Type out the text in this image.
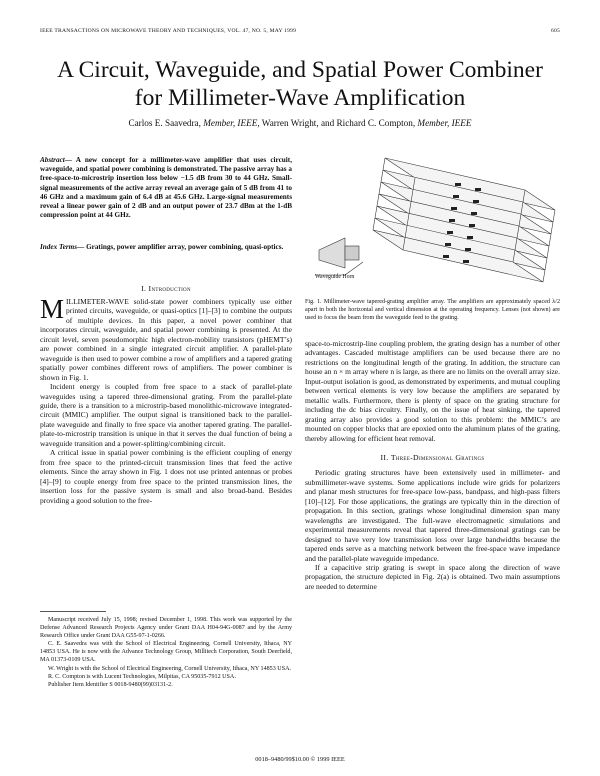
IEEE TRANSACTIONS ON MICROWAVE THEORY AND TECHNIQUES, VOL. 47, NO. 5, MAY 1999	605
A Circuit, Waveguide, and Spatial Power Combiner
for Millimeter-Wave Amplification
Carlos E. Saavedra, Member, IEEE, Warren Wright, and Richard C. Compton, Member, IEEE
Abstract— A new concept for a millimeter-wave amplifier that uses circuit, waveguide, and spatial power combining is demonstrated. The passive array has a free-space-to-microstrip insertion loss below −1.5 dB from 30 to 44 GHz. Small-signal measurements of the active array reveal an average gain of 5 dB from 41 to 46 GHz and a maximum gain of 6.4 dB at 45.6 GHz. Large-signal measurements reveal a linear power gain of 2 dB and an output power of 23.7 dBm at the 1-dB compression point at 44 GHz.
Index Terms— Gratings, power amplifier array, power combining, quasi-optics.
I. Introduction

MILLIMETER-WAVE solid-state power combiners typically use either printed circuits, waveguide, or quasi-optics [1]–[3] to combine the outputs of multiple devices. In this paper, a novel power combiner that incorporates circuit, waveguide, and spatial power combining is presented. At the circuit level, seven pseudomorphic high electron-mobility transistors (pHEMT’s) are power combined in a single integrated circuit amplifier. A parallel-plate waveguide is then used to power combine a row of amplifiers and a tapered grating spatially power combines different rows of amplifiers. The power combiner is shown in Fig. 1.

Incident energy is coupled from free space to a stack of parallel-plate waveguides using a tapered three-dimensional grating. From the parallel-plate guide, there is a transition to a microstrip-based monolithic-microwave integrated-circuit (MMIC) amplifier. The output signal is transitioned back to the parallel-plate waveguide and finally to free space via another tapered grating. The parallel-plate-to-microstrip transition is unique in that it serves the dual function of being a waveguide transition and a power-splitting/combining circuit.

A critical issue in spatial power combining is the efficient coupling of energy from free space to the printed-circuit transmission lines that feed the active elements. Since the array shown in Fig. 1 does not use printed antennas or probes [4]–[9] to couple energy from free space to the printed transmission lines, the insertion loss for the passive system is small and also broad-band. Besides providing a good solution to the free-

Manuscript received July 15, 1998; revised December 1, 1998. This work was supported by the Defense Advanced Research Projects Agency under Grant DAA H04-94G-0087 and by the Army Research Office under Grant DAA G55-97-1-0266.

C. E. Saavedra was with the School of Electrical Engineering, Cornell University, Ithaca, NY 14853 USA. He is now with the Advance Technology Group, Millitech Corporation, South Deerfield, MA 01373-0109 USA.

W. Wright is with the School of Electrical Engineering, Cornell University, Ithaca, NY 14853 USA.

R. C. Compton is with Lucent Technologies, Milpitas, CA 95035-7912 USA.

Publisher Item Identifier S 0018-9480(99)03131-2.

Waveguide Horn
Fig. 1. Millimeter-wave tapered-grating amplifier array. The amplifiers are approximately spaced λ/2 apart in both the horizontal and vertical dimension at the operating frequency. Lenses (not shown) are used to focus the beam from the waveguide feed to the grating.

space-to-microstrip-line coupling problem, the grating design has a number of other advantages. Cascaded multistage amplifiers can be used because there are no restrictions on the longitudinal length of the grating. In addition, the structure can house an n × m array where n is large, as there are no limits on the overall array size. Input-output isolation is good, as demonstrated by experiments, and mutual coupling between vertical elements is very low because the amplifiers are separated by metallic walls. Furthermore, there is plenty of space on the grating structure for including the dc bias circuitry. Finally, on the issue of heat sinking, the tapered grating array also provides a good solution to this problem: the MMIC’s are mounted on copper blocks that are epoxied onto the aluminum plates of the grating, thereby allowing for efficient heat removal.

II. Three-Dimensional Gratings

Periodic grating structures have been extensively used in millimeter- and submillimeter-wave systems. Some applications include wire grids for polarizers and planar mesh structures for free-space low-pass, bandpass, and high-pass filters [10]–[12]. For those applications, the gratings are typically thin in the direction of propagation. In this section, gratings whose longitudinal dimension span many wavelengths are investigated. The full-wave electromagnetic simulations and experimental measurements reveal that tapered three-dimensional gratings can be designed to have very low transmission loss over large bandwidths because the tapered ends serve as a matching network between the free-space wave impedance and the parallel-plate waveguide impedance.

If a capacitive strip grating is swept in space along the direction of wave propagation, the structure depicted in Fig. 2(a) is obtained. Two main assumptions are needed to determine

0018–9480/99$10.00 © 1999 IEEE
